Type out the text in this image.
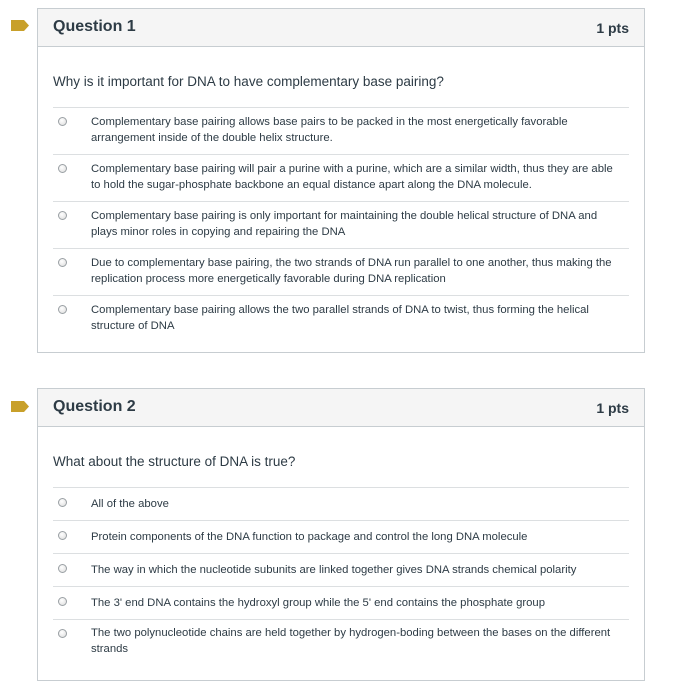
Question 1	1 pts
Why is it important for DNA to have complementary base pairing?
Complementary base pairing allows base pairs to be packed in the most energetically favorable arrangement inside of the double helix structure.
Complementary base pairing will pair a purine with a purine, which are a similar width, thus they are able to hold the sugar-phosphate backbone an equal distance apart along the DNA molecule.
Complementary base pairing is only important for maintaining the double helical structure of DNA and plays minor roles in copying and repairing the DNA
Due to complementary base pairing, the two strands of DNA run parallel to one another, thus making the replication process more energetically favorable during DNA replication
Complementary base pairing allows the two parallel strands of DNA to twist, thus forming the helical structure of DNA
Question 2	1 pts
What about the structure of DNA is true?
All of the above
Protein components of the DNA function to package and control the long DNA molecule
The way in which the nucleotide subunits are linked together gives DNA strands chemical polarity
The 3' end DNA contains the hydroxyl group while the 5' end contains the phosphate group
The two polynucleotide chains are held together by hydrogen-boding between the bases on the different strands
